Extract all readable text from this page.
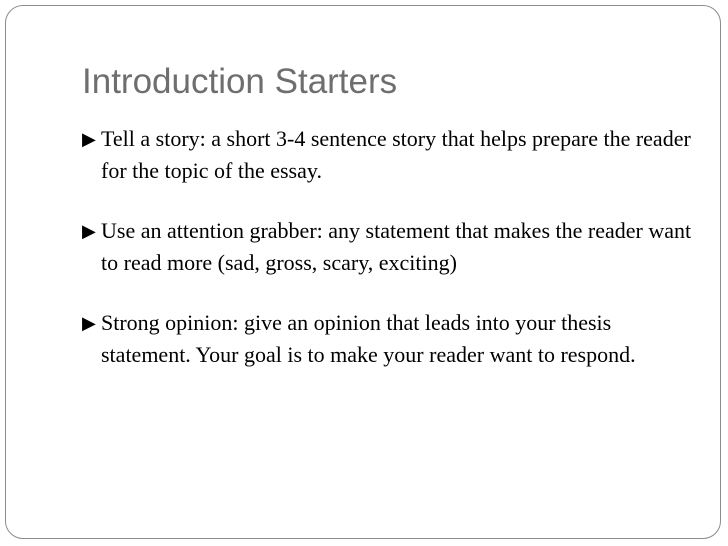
Introduction Starters
▶ Tell a story: a short 3-4 sentence story that helps prepare the reader for the topic of the essay.
▶ Use an attention grabber: any statement that makes the reader want to read more (sad, gross, scary, exciting)
▶ Strong opinion: give an opinion that leads into your thesis statement. Your goal is to make your reader want to respond.
